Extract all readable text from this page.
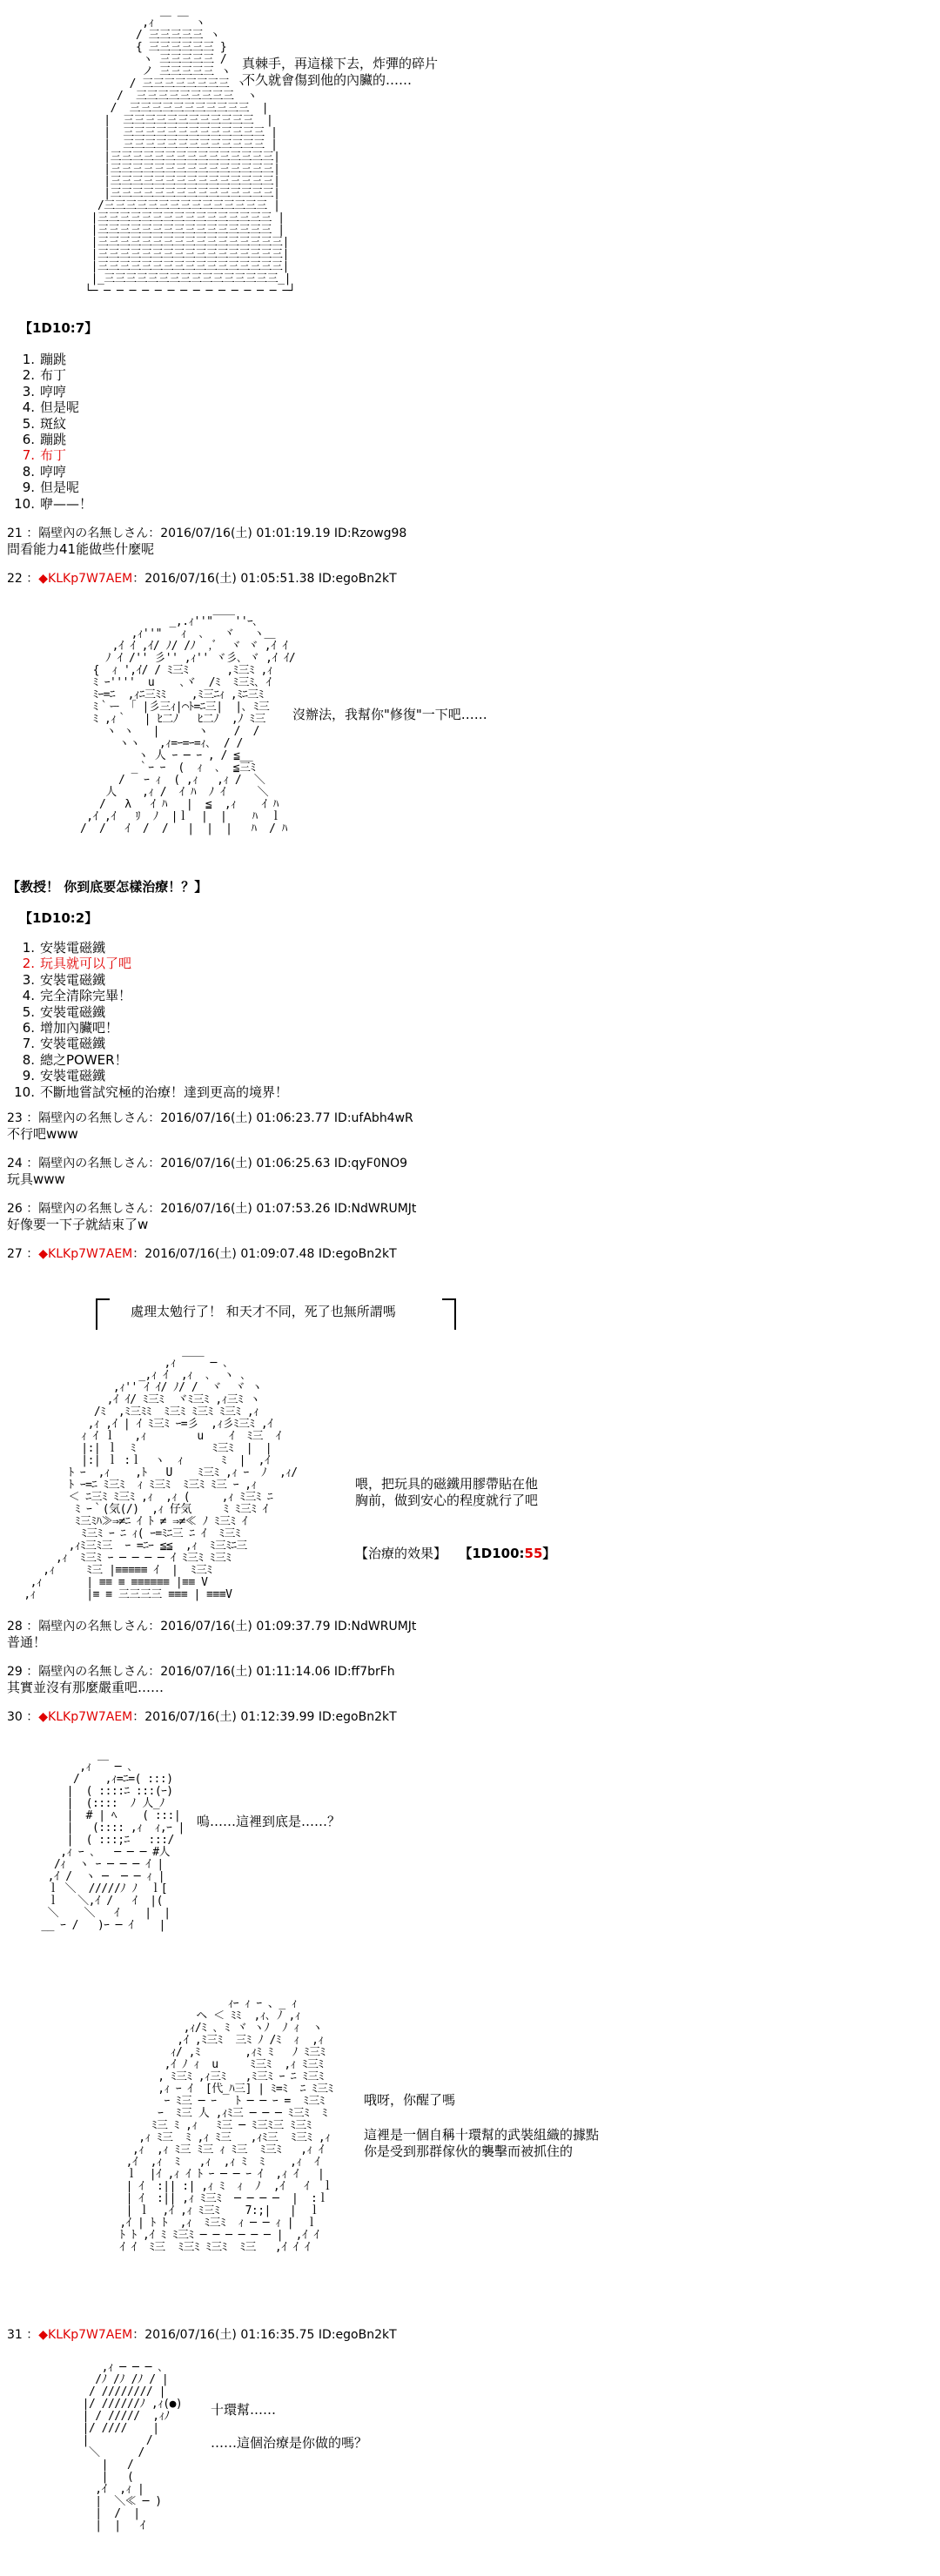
,ｨ ￣ ￣ ヽ
/ 三三三三三 ヽ
{ 三三三三三三 }
ヽ 三三三三三 /
ノ 三三三三三 ヽ
/ 三三三三三三三三 ヽ
/  三三三三三三三三三  ヽ
/  三三三三三三三三三三三  |
|  三三三三三三三三三三三三  |
|  三三三三三三三三三三三三三 |
|  三三三三三三三三三三三三三 |
|三三三三三三三三三三三三三三三|
|三三三三三三三三三三三三三三三|
|三三三三三三三三三三三三三三三|
|三三三三三三三三三三三三三三三|
/三三三三三三三三三三三三三三三 |
|三三三三三三三三三三三三三三三三 |
|三三三三三三三三三三三三三三三三 |
|三三三三三三三三三三三三三三三三三|
|三三三三三三三三三三三三三三三三三|
|三三三三三三三三三三三三三三三三三|
|_三三三三三三三三三三三三三三三三_|
└─ ─ ─ ─ ─ ─ ─ ─ ─ ─ ─ ─ ─ ─ ─ ─┘

真棘手，再這樣下去，炸彈的碎片
不久就會傷到他的內臟的……

【1D10:7】

1. 蹦跳
2. 布丁
3. 哼哼
4. 但是呢
5. 斑紋
6. 蹦跳
7. 布丁
8. 哼哼
9. 但是呢
10. 咿——！

21 ：隔壁內の名無しさん：2016/07/16(土) 01:01:19.19 ID:Rzowg98

問看能力41能做些什麼呢

22 ：◆KLKp7W7AEM：2016/07/16(土) 01:05:51.38 ID:egoBn2kT

_,.ｨ''"￣￣''ｰ､
,ｨ''"   ｨ  ､   ヾ   ヽ＿
,ｲ ｲ ,ｲ/ ﾉ/ /ﾉ  ,ﾞ  ヾ ヾ ,ｲ ｲ
ﾉ ｲ /'' 彡'' ,ｨ'' ヾ彡､ ヾ ,ｲ ｲ/
{  ｨ ',ｲ/ / ﾐ三ﾐ      ,ﾐ三ﾐ ,ｨ
ﾐ ｰ''''  u    ､ヾ  /ﾐ  ﾐ三ﾐ､ ｲ
ﾐｰ=ﾆ  ,ｨﾆ三ﾐﾐ    ,ﾐ三ﾆｨ ,ﾐﾆ三ﾐ
ﾐ｀ー　「 |彡三ｨ|⌒ﾄ=ﾆ三|  |､ ﾐ三
ﾐ ,ｨ｀　 | ﾋ二ﾉ   ﾋ二ﾉ  ,ﾉ ﾐ三
ヽ ヽ   |      ヽ    /  /
ヽヽ   ,ｨ=ｰ=ｰ=ｨ､  / /
ヽ 人 ｰ ─ ｰ , / ≦__
_｀ｰ ｰ  (  ｨ  ､  ≦三ﾐ
/   ｰ ｨ  ( ,ｨ   ,ｨ /  ＼
人    ,ｨ /  ｲ ﾊ  ﾉ ｲ     ＼
/   λ   ｲ ﾊ   |  ≦  ,ｨ    ｲ ﾊ
,ｲ ,ｲ   ﾘ  ﾉ  |ｌ  |  |    ﾊ  ｌ
/  /   ｲ  /  /   |  |  |   ﾊ  / ﾊ

沒辦法，我幫你"修復"一下吧……

【教授！ 你到底要怎樣治療！？】

【1D10:2】

1. 安裝電磁鐵
2. 玩具就可以了吧
3. 安裝電磁鐵
4. 完全清除完畢！
5. 安裝電磁鐵
6. 增加內臟吧！
7. 安裝電磁鐵
8. 總之POWER！
9. 安裝電磁鐵
10. 不斷地嘗試究極的治療！達到更高的境界！

23 ：隔壁內の名無しさん：2016/07/16(土) 01:06:23.77 ID:ufAbh4wR

不行吧www

24 ：隔壁內の名無しさん：2016/07/16(土) 01:06:25.63 ID:qyF0NO9

玩具www

26 ：隔壁內の名無しさん：2016/07/16(土) 01:07:53.26 ID:NdWRUMJt

好像要一下子就結束了w

27 ：◆KLKp7W7AEM：2016/07/16(土) 01:09:07.48 ID:egoBn2kT

處理太勉行了！ 和天才不同，死了也無所謂嗎

,ｨ ￣￣ ─ ､
_,ｨ ｲ  ,ｨ  ､  ヽ ､
,ｨ'' ｲ ｲ/ ﾉ/ /  ヾ  ヾ ヽ
,ｲ ｲ/ ﾐ三ﾐ  ヾﾐ三ﾐ ,ｨ三ﾐ ヽ
/ﾐ  ,ﾐ三ﾐﾐ  ﾐ三ﾐ ﾐ三ﾐ ﾐ三ﾐ ,ｨ
,ｨ ,ｲ | ｲ ﾐ三ﾐ ｰ=彡  ,ｨ彡ﾐ三ﾐ ,ｲ
ｨ ｲ ｌ   ,ｨ        u    ｲ  ﾐ三  ｲ
|:| ｌ  ﾐ            ﾐ三ﾐ  |  |
|:| ｌ :ｌ  ヽ  ｨ      ﾐ  |  ,ｲ
ﾄ ｰ  ,ｨ    ,ﾄ   U    ﾐ三ﾐ ,ｨ ｰ  ﾉ  ,ｨ/
ﾄ ｰ=ﾆ ﾐ三ﾐ  ｨ ﾐ三ﾐ  ﾐ三ﾐ ﾐ三 ｰ ,ｨ
＜ ﾆ三ﾐ ﾐ三ﾐ ,ｨ  ,ｨ (     ,ｨ ﾐ三ﾐ ﾆ
ﾐ ｰ｀(気(/)  ,ｨ 仔気     ﾐ ﾐ三ﾐ ｲ
ﾐ三ﾐﾊ≫⇒≠ﾆ ｲ ﾄ ≠ ⇒≠≪ ﾉ ﾐ三ﾐ ｲ
ﾐ三ﾐ ｰ ﾆ ｨ( ｰ=ﾐﾆ三 ﾆ ｲ  ﾐ三ﾐ
,ｨﾐ三ﾐ三  ｰ =ﾆｰ ≦≦  ,ｨ  ﾐ三ﾐﾆ三
,ｨ  ﾐ三ﾐ ｰ ─ ─ ─ ─ ｲ ﾐ三ﾐ ﾐ三ﾐ
,ｨ     ﾐ三 |≡≡≡≡≡ ｲ  |  ﾐ三ﾐ
,ｨ       | ≡≡ ≡ ≡≡≡≡≡≡ |≡≡ V
,ｨ        |≡ ≡ 三三三三 ≡≡≡ | ≡≡≡V

喂，把玩具的磁鐵用膠帶貼在他
胸前，做到安心的程度就行了吧

【治療的效果】 【1D100:55】

28 ：隔壁內の名無しさん：2016/07/16(土) 01:09:37.79 ID:NdWRUMJt

普通！

29 ：隔壁內の名無しさん：2016/07/16(土) 01:11:14.06 ID:ff7brFh

其實並沒有那麼嚴重吧……

30 ：◆KLKp7W7AEM：2016/07/16(土) 01:12:39.99 ID:egoBn2kT

,ｨ ￣ ─ ､
/    ,ｨ=ﾆ=( :::)
|  ( ::::ﾆ :::(ｰ)
|  (::::  ﾉ 人_ﾉ
|  # | ﾍ    ( :::|
|   (:::: ,ｨ  ｨ,ｰ |
|  ( :::;ﾆ   :::/
,ｨ ｰ ､   ─ ─ ─ #人
/ｨ  ヽ ｰ ─ ─ ─ ｲ |
,ｲ /  ヽ ─  ─ ─ ｨ |
ｌ ＼  /////ﾉ ﾉ  ｌ[
ｌ   ＼,ｲ /   ｲ  |(
＼    ＼   ｲ    |  |
__ ｰ /   )ｰ ─ ｲ    |

嗚……這裡到底是……？

ｨｰ ｨ ｰ 、_ ｨ
ヘ ＜ ﾐﾐ  ,ｨ､ ﾉ ,ｨ
,ｨ/ﾐ ､ ﾐ ヾ ヽﾉ  ﾉ ｨ  ヽ
,ｲ ,ﾐ三ﾐ  三ﾐ ﾉ /ﾐ  ｨ  ,ｨ
ｨ/ ,ﾐ       ,ｨﾐ ﾐ   ﾉ ﾐ三ﾐ
,ｲ ﾉ ｨ  u     ﾐ三ﾐ  ,ｨ ﾐ三ﾐ
, ﾐ三ﾐ ,ｨ三ﾐ   ,ﾐ三ﾐ ｰ ﾆ ﾐ三ﾐ
,ｨ ｰ ｲ  [代_ﾊ三] | ﾐ=ﾐ  ﾆ ﾐ三ﾐ
ｰ ﾐ三 ─ ｰ   ﾄ ─ ─ ｰ =  ﾐ三ﾐ
ｰ  ﾐ三 人 ,ｨﾐ三 ─ ─ ─ ﾐ三ﾐ  ﾐ
ﾐ三 ﾐ ,ｨ   ﾐ三 ─ ﾐ三ﾐ三 ﾐ三ﾐ
,ｨ ﾐ三  ﾐ ,ｨ ﾐ三   ,ｨﾐ三  ﾐ三ﾐ ,ｨ
,ｨ  ,ｨ ﾐ三 ﾐ三 ｨ ﾐ三  ﾐ三ﾐ   ,ｨ ｲ
,ｲ  ,ｨ  ﾐ   ,ｨ  ,ｨ ﾐ  ﾐ    ,ｨ  ｲ
ｌ  |ｲ ,ｨ ｲ ﾄ ｰ ─ ─ ｰ ｲ  ,ｨ ｲ   |
| ｲ  :|| :| ,ｨ ﾐ  ｨ  ﾉ  ,ｲ   ｲ  ｌ
| ｲ  :|| ,ｨ ﾐ三ﾐ  ─ ─ ─ ─  |  :ｌ
| ｌ  ,ｲ ,ｨ ﾐ三ﾐ    7:;|   |  ｌ
,ｲ | ﾄ ﾄ  ,ｨ  ﾐ三ﾐ  ｨ ─ ─ ｨ |  ｌ
ﾄ ﾄ ,ｲ ﾐ ﾐ三ﾐ ─ ─ ─ ─ ─ ─ |  ,ｲ ｲ
ｲ ｲ  ﾐ三  ﾐ三ﾐ ﾐ三ﾐ  ﾐ三   ,ｲ ｲ ｲ

哦呀，你醒了嗎

這裡是一個自稱十環幫的武裝組織的據點
你是受到那群傢伙的襲擊而被抓住的

31 ：◆KLKp7W7AEM：2016/07/16(土) 01:16:35.75 ID:egoBn2kT

,ｨ ─ ─ ─ ､
/ﾉ /ﾉ /ﾉ / |
/ //////// |
|/ //////ﾉ ,ｨ(●)
| / /////  ,ｨﾉ
|/ ////    |
|         /
＼      /
|   /
|   (
,ｲ  ,ｨ |
|  ＼≪ ─ )
|  /  |
|  |   ｲ

十環幫……

……這個治療是你做的嗎？
